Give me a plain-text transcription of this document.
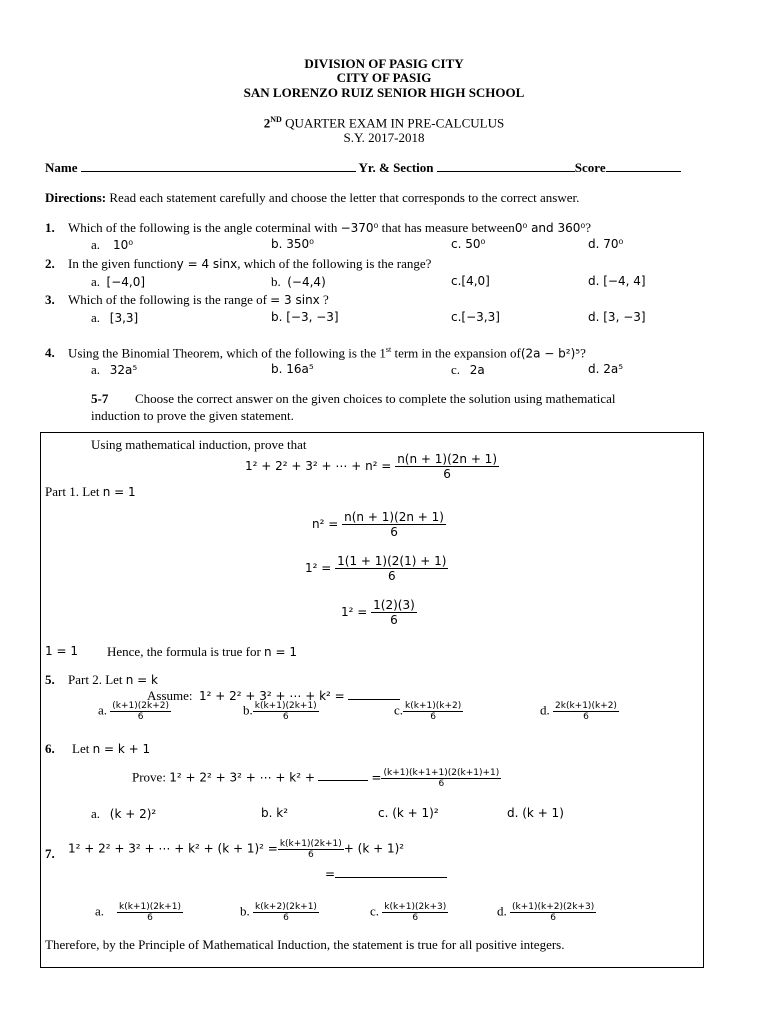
DIVISION OF PASIG CITY
CITY OF PASIG
SAN LORENZO RUIZ SENIOR HIGH SCHOOL
2ND QUARTER EXAM IN PRE-CALCULUS
S.Y. 2017-2018
Name	Yr. & Section	Score
Directions: Read each statement carefully and choose the letter that corresponds to the correct answer.
1. Which of the following is the angle coterminal with −370⁰ that has measure between0⁰ and 360⁰?
a. 10⁰	b. 350⁰	c. 50⁰	d. 70⁰
2. In the given functiony = 4 sinx, which of the following is the range?
a. [−4,0]	b. (−4,4)	c.[4,0]	d. [−4, 4]
3. Which of the following is the range of = 3 sinx ?
a. [3,3]	b. [−3, −3]	c.[−3,3]	d. [3, −3]
4. Using the Binomial Theorem, which of the following is the 1st term in the expansion of(2a − b²)⁵?
a. 32a⁵	b. 16a⁵	c. 2a	d. 2a⁵
5-7 Choose the correct answer on the given choices to complete the solution using mathematical
induction to prove the given statement.
Using mathematical induction, prove that
1² + 2² + 3² + ⋯ + $n^2 = \frac{n(n + 1)(2n + 1)}{6}$
Part 1. Let n = 1
$n^2 = \frac{n(n + 1)(2n + 1)}{6}$
$1^2 = \frac{1(1 + 1)(2(1) + 1)}{6}$
$1^2 = \frac{1(2)(3)}{6}$
1 = 1 Hence, the formula is true for n = 1
5. Part 2. Let n = k
Assume: 1² + 2² + 3² + ⋯ + k² =
a. $\frac{(k+1)(2k+2)}{6}$	b. $\frac{k(k+1)(2k+1)}{6}$	c. $\frac{k(k+1)(k+2)}{6}$	d. $\frac{2k(k+1)(k+2)}{6}$
6. Let n = k + 1
Prove: 1² + 2² + 3² + ⋯ + k² +	= $\frac{(k+1)(k+1+1)(2(k+1)+1)}{6}$
a. (k + 2)²	b. k²	c. (k + 1)²	d. (k + 1)
7. 1² + 2² + 3² + ⋯ + $k^2 + (k + 1)^2 = \frac{k(k+1)(2k+1)}{6} + (k + 1)^2$
=
a. $\frac{k(k+1)(2k+1)}{6}$	b. $\frac{k(k+2)(2k+1)}{6}$	c. $\frac{k(k+1)(2k+3)}{6}$	d. $\frac{(k+1)(k+2)(2k+3)}{6}$
Therefore, by the Principle of Mathematical Induction, the statement is true for all positive integers.
